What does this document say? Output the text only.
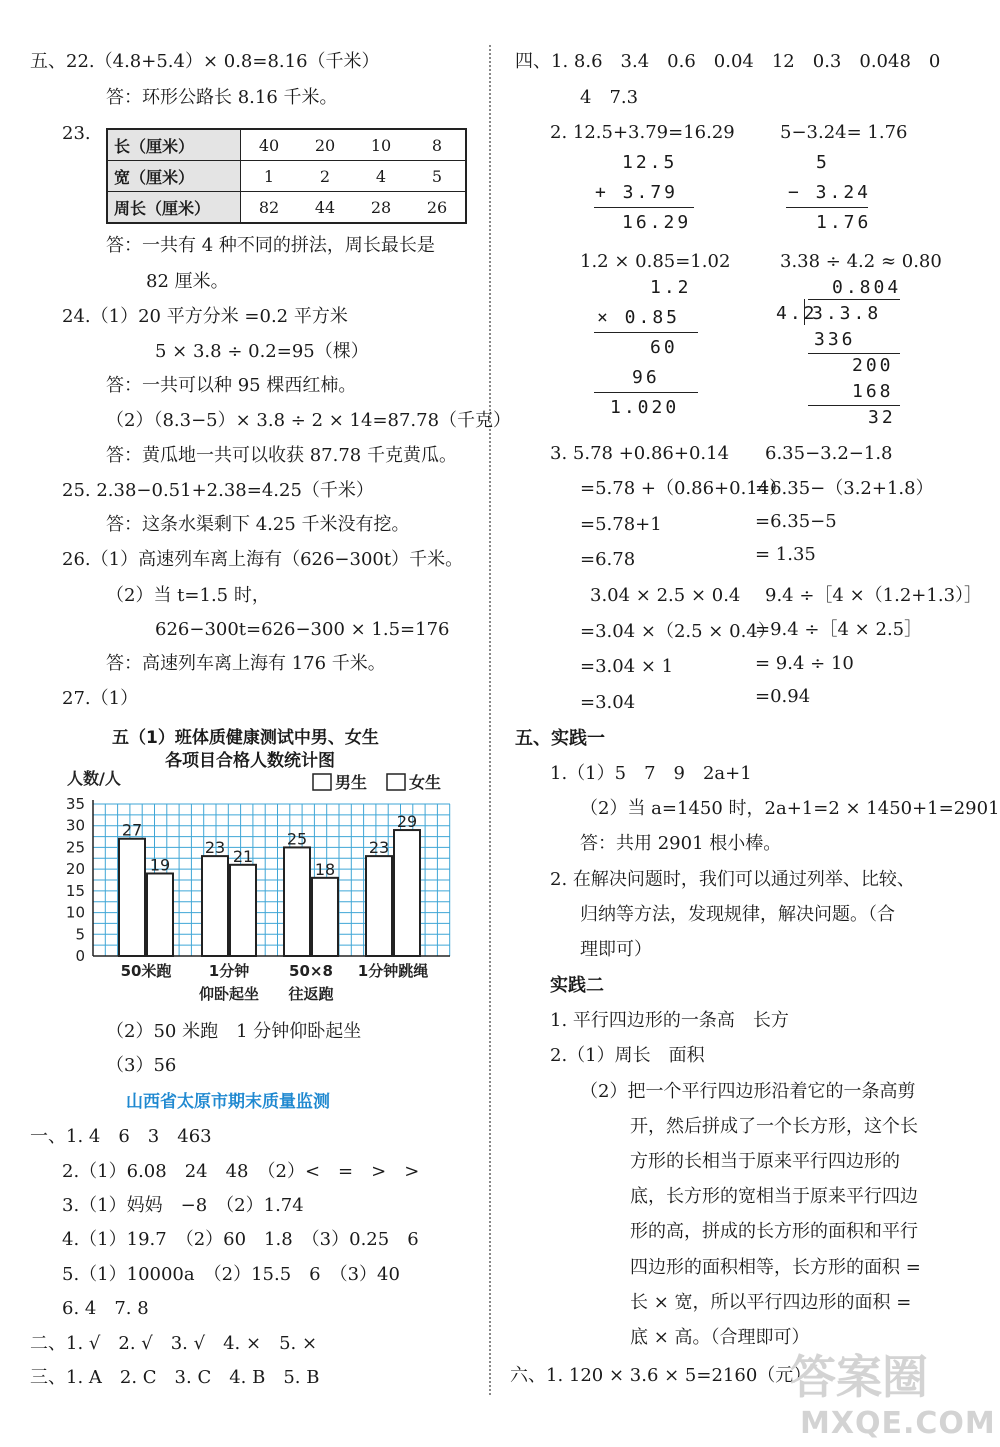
五、22.（4.8+5.4）× 0.8=8.16（千米）
答：环形公路长 8.16 千米。
23.
长（厘米）	40	20	10	8
宽（厘米）	1	2	4	5
周长（厘米）	82	44	28	26
答：一共有 4 种不同的拼法，周长最长是
82 厘米。
24.（1）20 平方分米 =0.2 平方米
5 × 3.8 ÷ 0.2=95（棵）
答：一共可以种 95 棵西红柿。
（2）（8.3−5）× 3.8 ÷ 2 × 14=87.78（千克）
答：黄瓜地一共可以收获 87.78 千克黄瓜。
25. 2.38−0.51+2.38=4.25（千米）
答：这条水渠剩下 4.25 千米没有挖。
26.（1）高速列车离上海有（626−300t）千米。
（2）当 t=1.5 时，
626−300t=626−300 × 1.5=176
答：高速列车离上海有 176 千米。
27.（1）
五（1）班体质健康测试中男、女生
各项目合格人数统计图
0
5
10
15
20
25
30
35
人数/人	男生	女生
27
19
50米跑
23 21
1分钟
仰卧起坐
25
18
50×8
往返跑
23
29
1分钟跳绳
（2）50 米跑　1 分钟仰卧起坐
（3）56
山西省太原市期末质量监测
一、1. 4　6　3　463
2.（1）6.08　24　48　（2）<　=　>　>
3.（1）妈妈　−8　（2）1.74
4.（1）19.7　（2）60　1.8　（3）0.25　6
5.（1）10000a　（2）15.5　6　（3）40
6. 4　7. 8
二、1. √　2. √　3. √　4. ×　5. ×
三、1. A　2. C　3. C　4. B　5. B
四、1. 8.6　3.4　0.6　0.04　12　0.3　0.048　0
4　7.3
2. 12.5+3.79=16.29	5−3.24= 1.76
12.5
+ 3.79
16.29
5
− 3.24
1.76
1.2 × 0.85=1.02	3.38 ÷ 4.2 ≈ 0.80
1.2
× 0.85
60
96
1.020
0.804
4.2
3.3.8
336
200
168
32
3. 5.78 +0.86+0.14
=5.78 +（0.86+0.14）
=5.78+1
=6.78
6.35−3.2−1.8
=6.35−（3.2+1.8）
=6.35−5
= 1.35
3.04 × 2.5 × 0.4
=3.04 ×（2.5 × 0.4）
=3.04 × 1
=3.04
9.4 ÷［4 ×（1.2+1.3）］
=9.4 ÷［4 × 2.5］
= 9.4 ÷ 10
=0.94
五、实践一
1.（1）5　7　9　2a+1
（2）当 a=1450 时，2a+1=2 × 1450+1=2901
答：共用 2901 根小棒。
2. 在解决问题时，我们可以通过列举、比较、
归纳等方法，发现规律，解决问题。（合
理即可）
实践二
1. 平行四边形的一条高　长方
2.（1）周长　面积
（2）把一个平行四边形沿着它的一条高剪
开，然后拼成了一个长方形，这个长
方形的长相当于原来平行四边形的
底，长方形的宽相当于原来平行四边
形的高，拼成的长方形的面积和平行
四边形的面积相等，长方形的面积 =
长 × 宽，所以平行四边形的面积 =
底 × 高。（合理即可）
六、1. 120 × 3.6 × 5=2160（元）
答案圈
MXQE.COM
